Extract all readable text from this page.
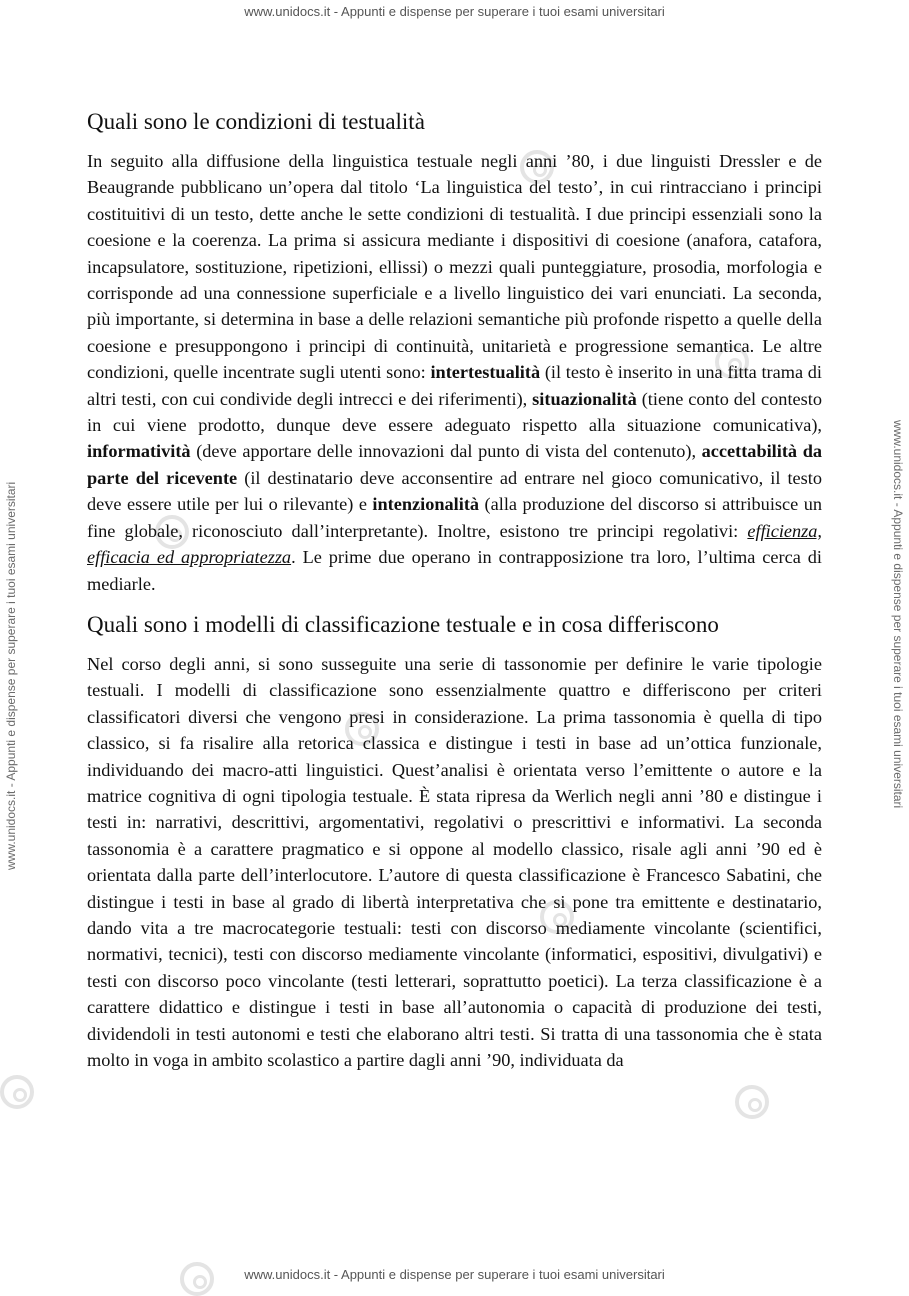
www.unidocs.it - Appunti e dispense per superare i tuoi esami universitari
www.unidocs.it - Appunti e dispense per superare i tuoi esami universitari
www.unidocs.it - Appunti e dispense per superare i tuoi esami universitari	www.unidocs.it - Appunti e dispense per superare i tuoi esami universitari
Quali sono le condizioni di testualità

In seguito alla diffusione della linguistica testuale negli anni ’80, i due linguisti Dressler e de Beaugrande pubblicano un’opera dal titolo ‘La linguistica del testo’, in cui rintracciano i principi costituitivi di un testo, dette anche le sette condizioni di testualità. I due principi essenziali sono la coesione e la coerenza. La prima si assicura mediante i dispositivi di coesione (anafora, catafora, incapsulatore, sostituzione, ripetizioni, ellissi) o mezzi quali punteggiature, prosodia, morfologia e corrisponde ad una connessione superficiale e a livello linguistico dei vari enunciati. La seconda, più importante, si determina in base a delle relazioni semantiche più profonde rispetto a quelle della coesione e presuppongono i principi di continuità, unitarietà e progressione semantica. Le altre condizioni, quelle incentrate sugli utenti sono: intertestualità (il testo è inserito in una fitta trama di altri testi, con cui condivide degli intrecci e dei riferimenti), situazionalità (tiene conto del contesto in cui viene prodotto, dunque deve essere adeguato rispetto alla situazione comunicativa), informatività (deve apportare delle innovazioni dal punto di vista del contenuto), accettabilità da parte del ricevente (il destinatario deve acconsentire ad entrare nel gioco comunicativo, il testo deve essere utile per lui o rilevante) e intenzionalità (alla produzione del discorso si attribuisce un fine globale, riconosciuto dall’interpretante). Inoltre, esistono tre principi regolativi: efficienza, efficacia ed appropriatezza. Le prime due operano in contrapposizione tra loro, l’ultima cerca di mediarle.

Quali sono i modelli di classificazione testuale e in cosa differiscono

Nel corso degli anni, si sono susseguite una serie di tassonomie per definire le varie tipologie testuali. I modelli di classificazione sono essenzialmente quattro e differiscono per criteri classificatori diversi che vengono presi in considerazione. La prima tassonomia è quella di tipo classico, si fa risalire alla retorica classica e distingue i testi in base ad un’ottica funzionale, individuando dei macro-atti linguistici. Quest’analisi è orientata verso l’emittente o autore e la matrice cognitiva di ogni tipologia testuale. È stata ripresa da Werlich negli anni ’80 e distingue i testi in: narrativi, descrittivi, argomentativi, regolativi o prescrittivi e informativi. La seconda tassonomia è a carattere pragmatico e si oppone al modello classico, risale agli anni ’90 ed è orientata dalla parte dell’interlocutore. L’autore di questa classificazione è Francesco Sabatini, che distingue i testi in base al grado di libertà interpretativa che si pone tra emittente e destinatario, dando vita a tre macrocategorie testuali: testi con discorso mediamente vincolante (scientifici, normativi, tecnici), testi con discorso mediamente vincolante (informatici, espositivi, divulgativi) e testi con discorso poco vincolante (testi letterari, soprattutto poetici). La terza classificazione è a carattere didattico e distingue i testi in base all’autonomia o capacità di produzione dei testi, dividendoli in testi autonomi e testi che elaborano altri testi. Si tratta di una tassonomia che è stata molto in voga in ambito scolastico a partire dagli anni ’90, individuata da
